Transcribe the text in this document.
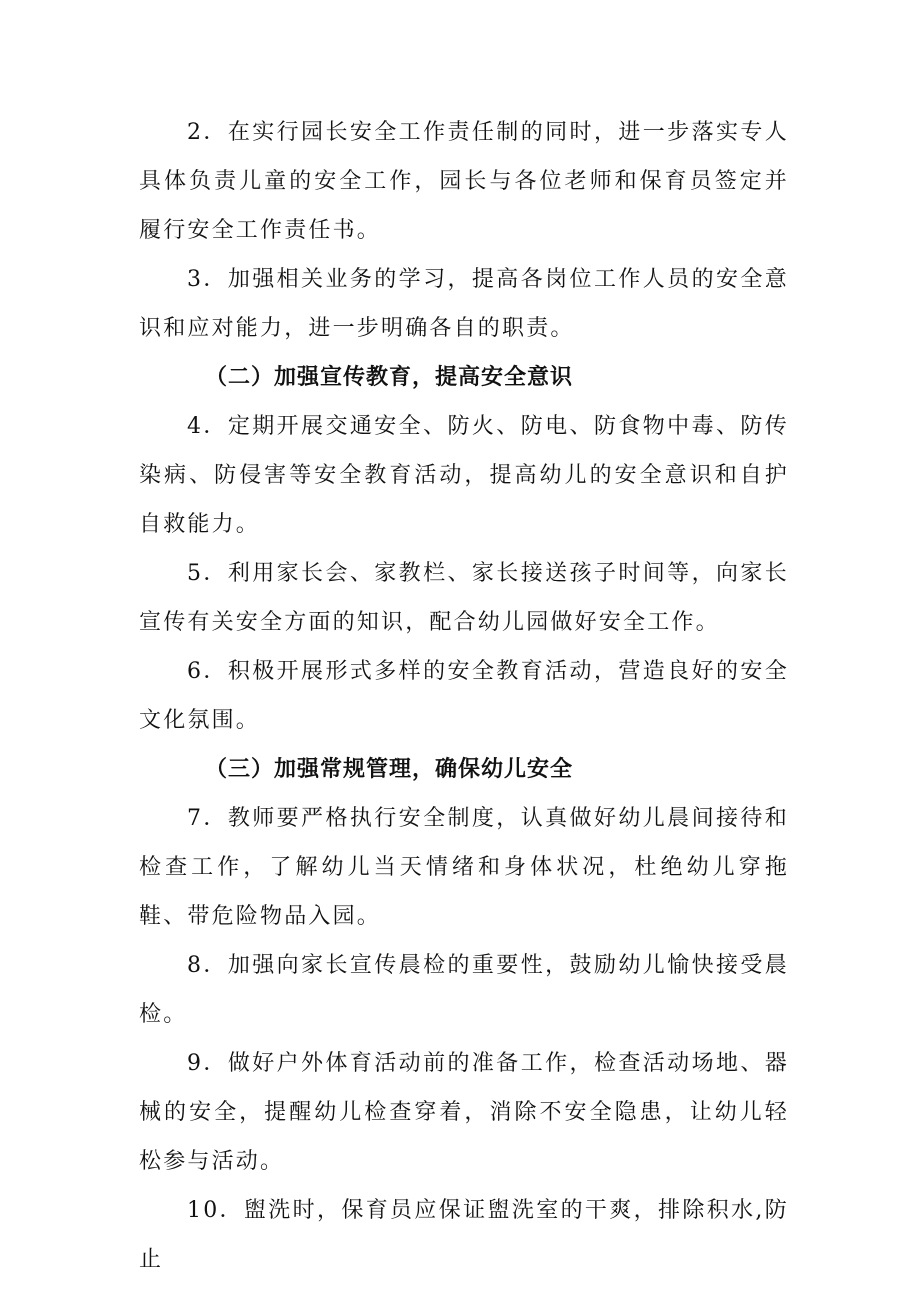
2．在实行园长安全工作责任制的同时，进一步落实专人具体负责儿童的安全工作，园长与各位老师和保育员签定并履行安全工作责任书。

3．加强相关业务的学习，提高各岗位工作人员的安全意识和应对能力，进一步明确各自的职责。

（二）加强宣传教育，提高安全意识

4．定期开展交通安全、防火、防电、防食物中毒、防传染病、防侵害等安全教育活动，提高幼儿的安全意识和自护自救能力。

5．利用家长会、家教栏、家长接送孩子时间等，向家长宣传有关安全方面的知识，配合幼儿园做好安全工作。

6．积极开展形式多样的安全教育活动，营造良好的安全文化氛围。

（三）加强常规管理，确保幼儿安全

7．教师要严格执行安全制度，认真做好幼儿晨间接待和检查工作，了解幼儿当天情绪和身体状况，杜绝幼儿穿拖鞋、带危险物品入园。

8．加强向家长宣传晨检的重要性，鼓励幼儿愉快接受晨检。

9．做好户外体育活动前的准备工作，检查活动场地、器械的安全，提醒幼儿检查穿着，消除不安全隐患，让幼儿轻松参与活动。

10．盥洗时，保育员应保证盥洗室的干爽，排除积水,防止
